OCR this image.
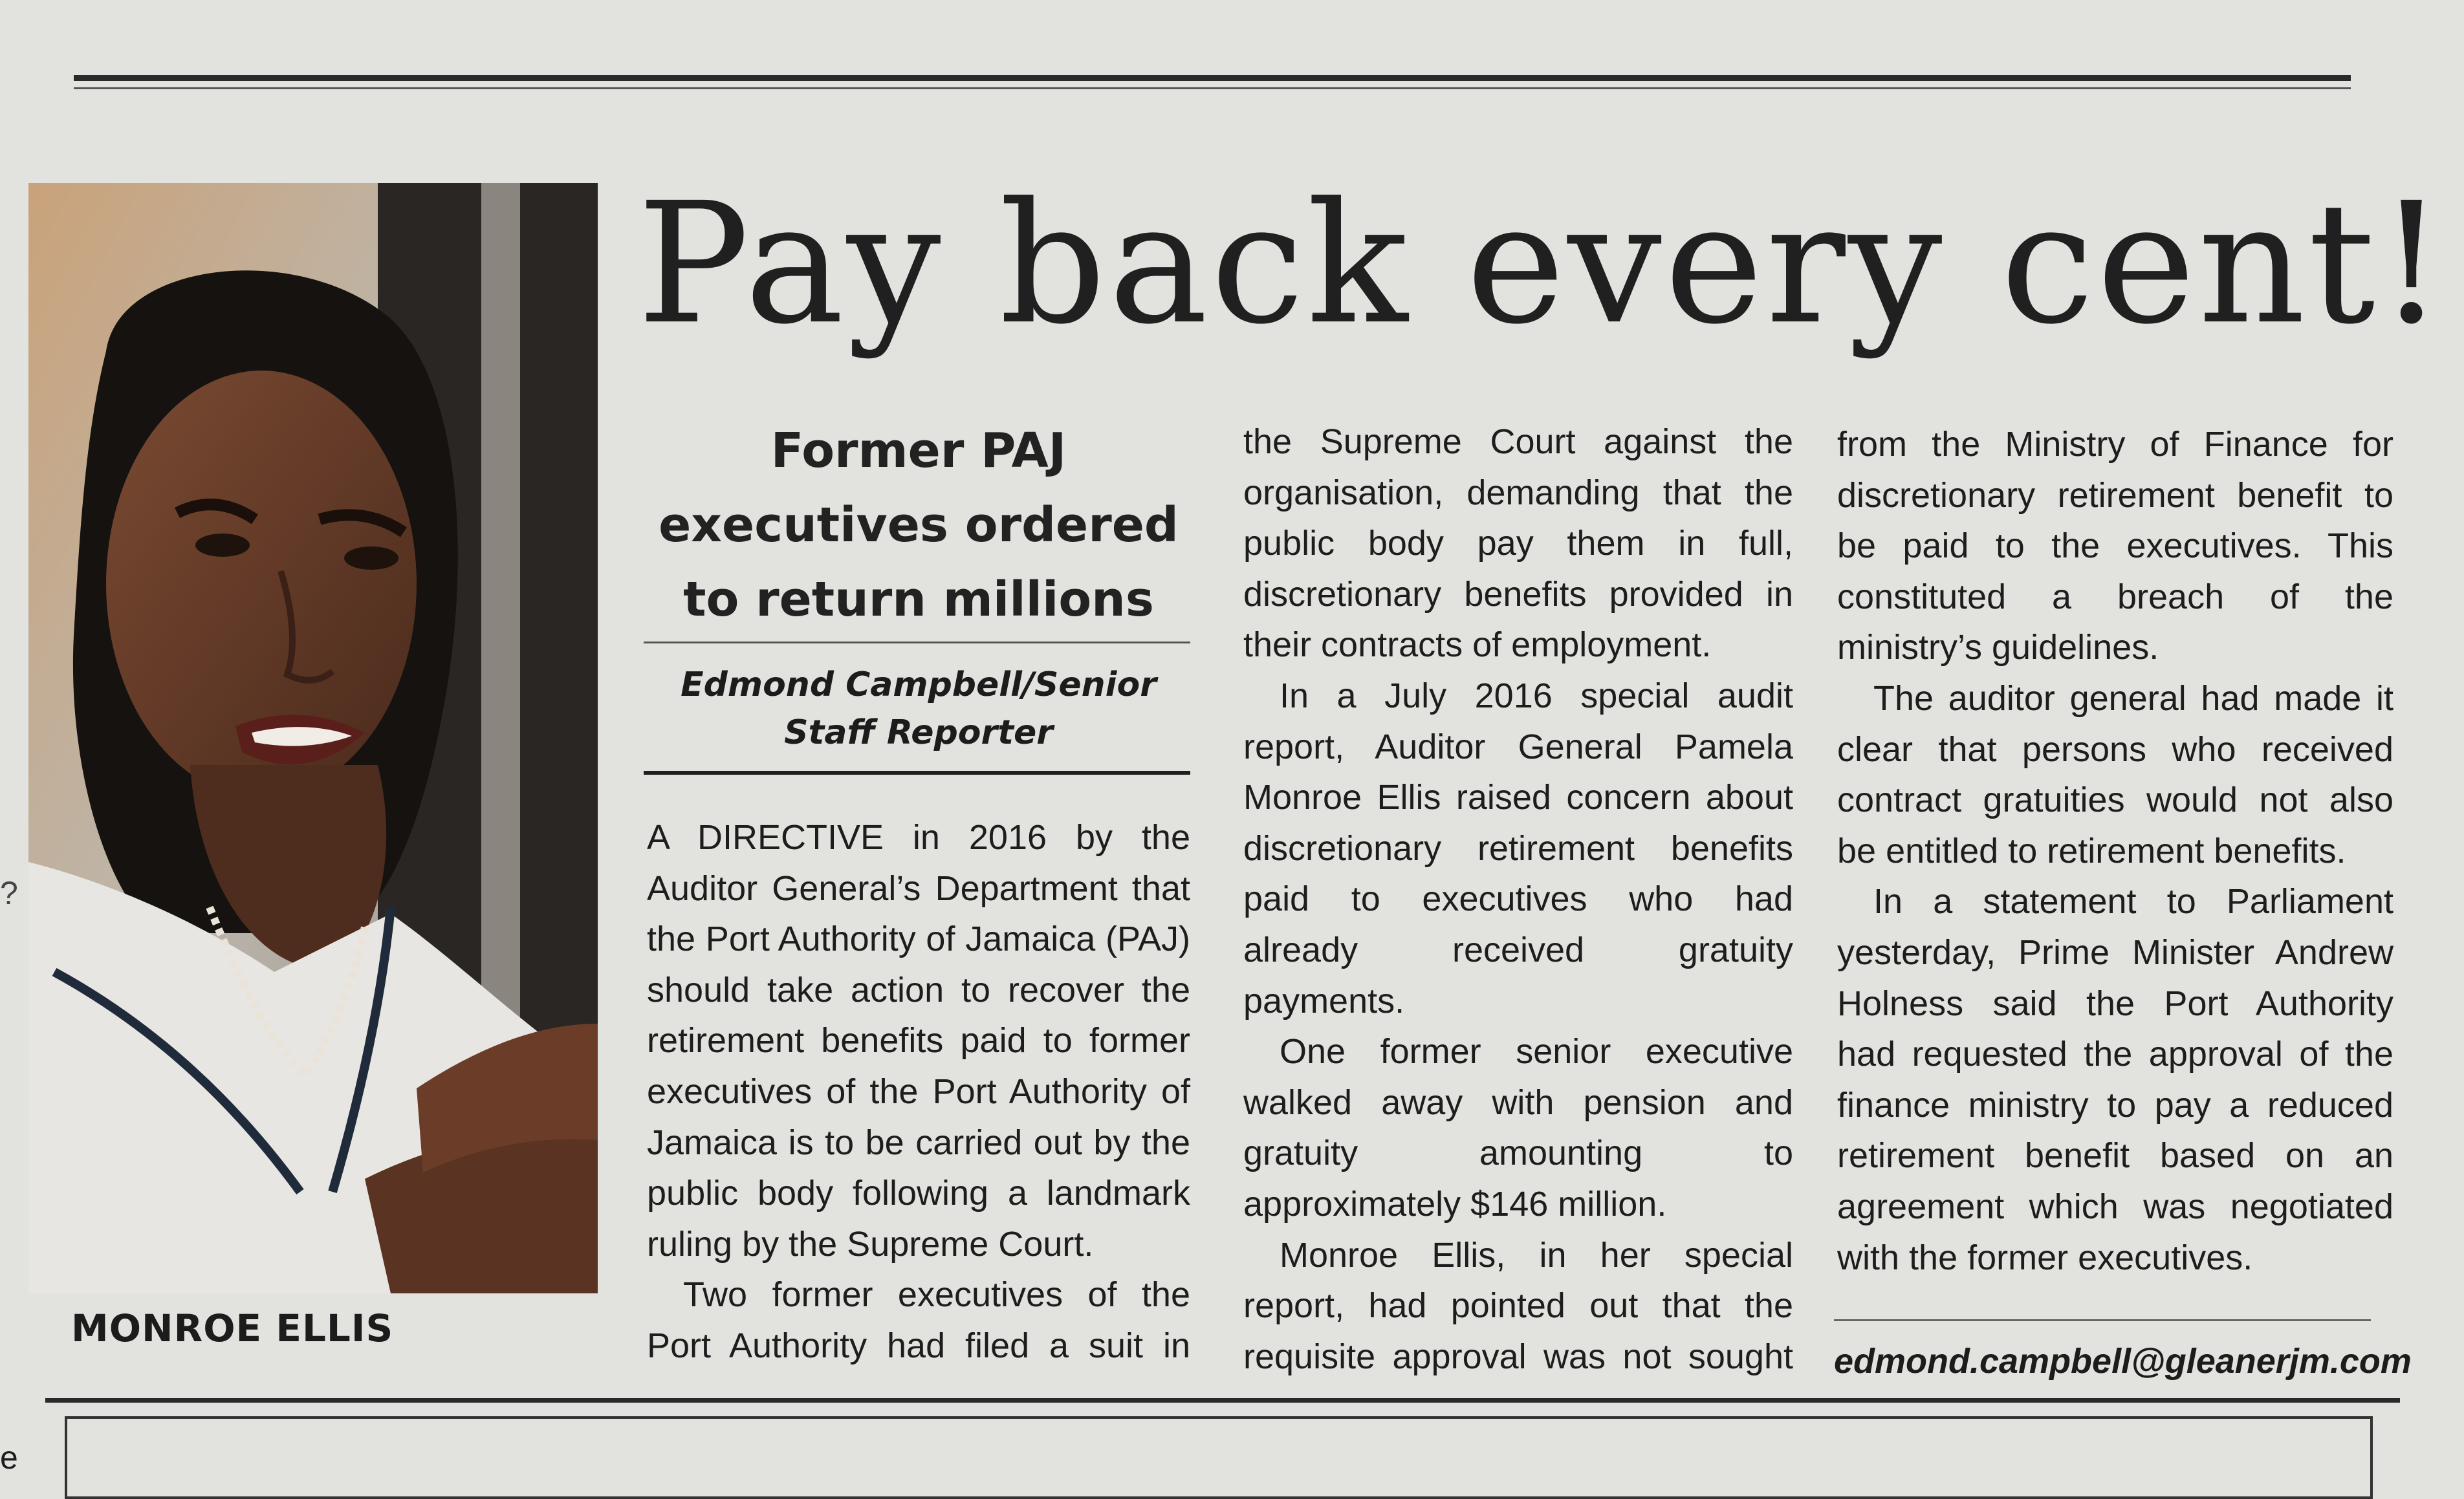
MONROE ELLIS
Pay back every cent!
Former PAJ
executives ordered
to return millions
Edmond Campbell/Senior
Staff Reporter
A DIRECTIVE in 2016 by the
Auditor General’s Department that
the Port Authority of Jamaica (PAJ)
should take action to recover the
retirement benefits paid to former
executives of the Port Authority of
Jamaica is to be carried out by the
public body following a landmark
ruling by the Supreme Court.
Two former executives of the
Port Authority had filed a suit in
the Supreme Court against the
organisation, demanding that the
public body pay them in full,
discretionary benefits provided in
their contracts of employment.
In a July 2016 special audit
report, Auditor General Pamela
Monroe Ellis raised concern about
discretionary retirement benefits
paid to executives who had
already received gratuity
payments.
One former senior executive
walked away with pension and
gratuity amounting to
approximately $146 million.
Monroe Ellis, in her special
report, had pointed out that the
requisite approval was not sought
from the Ministry of Finance for
discretionary retirement benefit to
be paid to the executives. This
constituted a breach of the
ministry’s guidelines.
The auditor general had made it
clear that persons who received
contract gratuities would not also
be entitled to retirement benefits.
In a statement to Parliament
yesterday, Prime Minister Andrew
Holness said the Port Authority
had requested the approval of the
finance ministry to pay a reduced
retirement benefit based on an
agreement which was negotiated
with the former executives.
edmond.campbell@gleanerjm.com
e
?
